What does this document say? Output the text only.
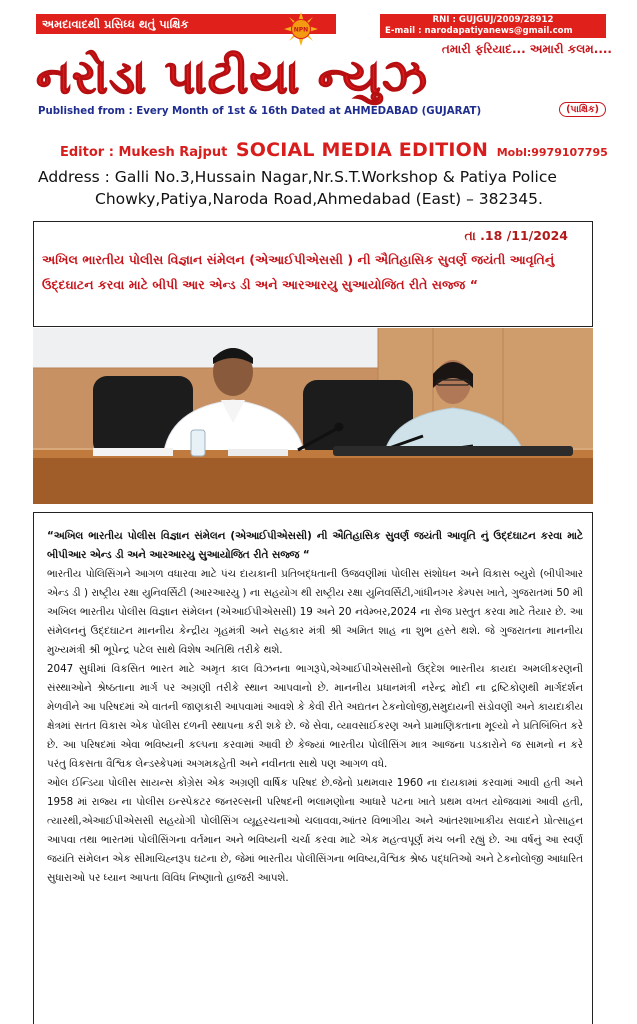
અમદાવાદથી પ્રસિધ્ધ થતું પાક્ષિક	NPN
RNI : GUJGUJ/2009/28912
E-mail : narodapatiyanews@gmail.com
તમારી ફરિયાદ... અમારી કલમ....
નરોડા પાટીયા ન્યુઝ
(પાક્ષિક)
Published from : Every Month of 1st & 16th Dated at AHMEDABAD (GUJARAT)
Editor : Mukesh Rajput SOCIAL MEDIA EDITION Mobl:9979107795
Address : Galli No.3,Hussain Nagar,Nr.S.T.Workshop & Patiya Police
Chowky,Patiya,Naroda Road,Ahmedabad (East) – 382345.
તા .18 /11/2024
અખિલ ભારતીય પોલીસ વિજ્ઞાન સંમેલન (એઆઈપીએસસી ) ની ઐતિહાસિક સુવર્ણ જયંતી આવૃતિનું ઉદ્દઘાટન કરવા માટે બીપી આર એન્ડ ડી અને આરઆરયુ સુઆયોજિત રીતે સજ્જ “

“અખિલ ભારતીય પોલીસ વિજ્ઞાન સંમેલન (એઆઈપીએસસી) ની ઐતિહાસિક સુવર્ણ જયંતી આવૃતિ નું ઉદ્દઘાટન કરવા માટે બીપીઆર એન્ડ ડી અને આરઆરયુ સુઆયોજિત રીતે સજ્જ “

ભારતીય પોલિસિંગને આગળ વધારવા માટે પંચ દાયકાની પ્રતિબદ્ધતાની ઉજવણીમાં પોલીસ સંશોધન અને વિકાસ બ્યુરો (બીપીઆર એન્ડ ડી ) રાષ્ટ્રીય રક્ષા યુનિવર્સિટી (આરઆરયુ ) ના સહયોગ થી રાષ્ટ્રીય રક્ષા યુનિવર્સિટી,ગાંધીનગર કેમ્પસ ખાતે, ગુજરાતમાં 50 મી અખિલ ભારતીય પોલીસ વિજ્ઞાન સંમેલન (એઆઈપીએસસી) 19 અને 20 નવેમ્બર,2024 ના રોજ પ્રસ્તુત કરવા માટે તૈયાર છે. આ સંમેલનનું ઉદ્દઘાટન માનનીય કેન્દ્રીય ગૃહમંત્રી અને સહકાર મંત્રી શ્રી અમિત શાહ ના શુભ હસ્તે થશે. જે ગુજરાતના માનનીય મુખ્યમંત્રી શ્રી ભૂપેન્દ્ર પટેલ સાથે વિશેષ અતિથિ તરીકે થશે.

2047 સુધીમાં વિકસિત ભારત માટે અમૃત કાલ વિઝનના ભાગરૂપે,એઆઈપીએસસીનો ઉદ્દેશ ભારતીય કાયદા અમલીકરણની સંસ્થાઓને શ્રેષ્ઠતાના માર્ગ પર અગ્રણી તરીકે સ્થાન આપવાનો છે. માનનીય પ્રધાનમંત્રી નરેન્દ્ર મોદી ના દ્રષ્ટિકોણથી માર્ગદર્શન મેળવીને આ પરિષદમાં એ વાતની જાણકારી આપવામાં આવશે કે કેવી રીતે અદ્યતન ટેકનોલોજી,સમુદાયની સંડોવણી અને કાયદાકીય ક્ષેત્રમાં સતત વિકાસ એક પોલીસ દળની સ્થાપના કરી શકે છે. જે સેવા, વ્યાવસાઈકરણ અને પ્રામાણિકતાના મૂલ્યો ને પ્રતિબિંબિત કરે છે. આ પરિષદમાં એવા ભવિષ્યની કલ્પના કરવામાં આવી છે કેજ્યાં ભારતીય પોલીસિંગ માત્ર આજના પડકારોને જ સામનો ન કરે પરંતુ વિકસતા વૈશ્વિક લેન્ડસ્કેપમાં અગમકહેતી અને નવીનતા સાથે પણ આગળ વધે.

ઓલ ઈન્ડિયા પોલીસ સાયન્સ કોંગ્રેસ એક અગ્રણી વાર્ષિક પરિષદ છે.જેનો પ્રથમવાર 1960 ના દાયકામાં કરવામાં આવી હતી અને 1958 માં રાજ્ય ના પોલીસ ઇન્સ્પેકટર જનરલ્સની પરિષદની ભલામણોના આધારે પટના ખાતે પ્રથમ વખત યોજવામાં આવી હતી, ત્યારથી,એઆઈપીએસસી સહયોગી પોલીસિંગ વ્યૂહરચનાઓ ચલાવવા,આંતર વિભાગીય અને આંતરશાખાકીય સવાદને પ્રોત્સાહન આપવા તથા ભારતમાં પોલીસિંગના વર્તમાન અને ભવિષ્યની ચર્ચા કરવા માટે એક મહત્વપૂર્ણ મંચ બની રહ્યું છે. આ વર્ષનું આ સ્વર્ણ જયંતિ સંમેલન એક સીમાચિહ્નરૂપ ઘટના છે, જેમાં ભારતીય પોલીસિંગના ભવિષ્ય,વૈશ્વિક શ્રેષ્ઠ પદ્ધતિઓ અને ટેકનોલોજી આધારિત સુધારાઓ પર ધ્યાન આપતા વિવિધ નિષ્ણાતો હાજરી આપશે.
